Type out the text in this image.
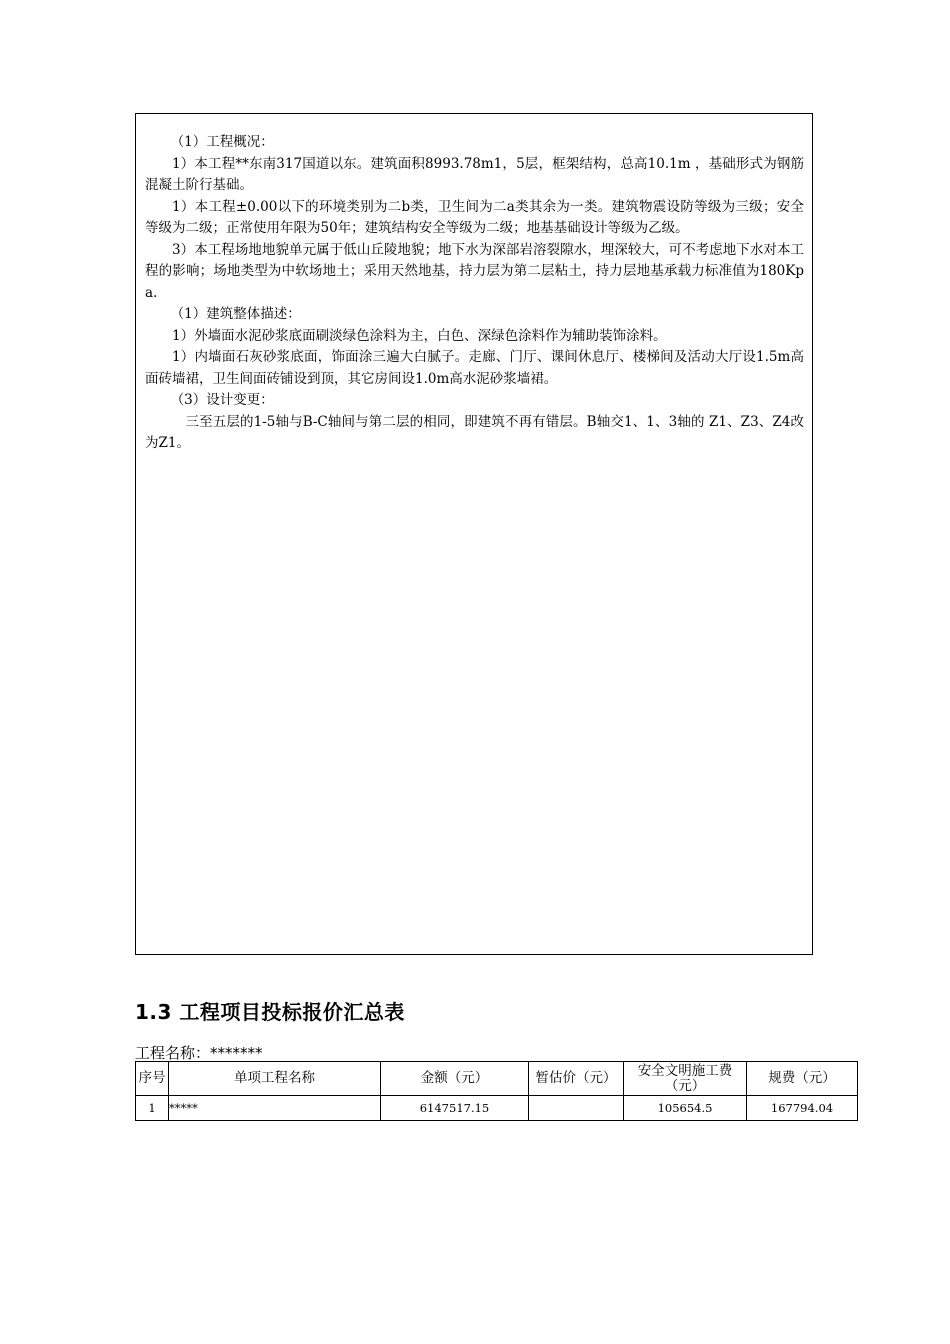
（1）工程概况：

1）本工程**东南317国道以东。建筑面积8993.78m1，5层，框架结构，总高10.1m ，基础形式为钢筋混凝土阶行基础。

1）本工程±0.00以下的环境类别为二b类，卫生间为二a类其余为一类。建筑物震设防等级为三级；安全等级为二级；正常使用年限为50年；建筑结构安全等级为二级；地基基础设计等级为乙级。

3）本工程场地地貌单元属于低山丘陵地貌；地下水为深部岩溶裂隙水，埋深较大，可不考虑地下水对本工程的影响；场地类型为中软场地土；采用天然地基，持力层为第二层粘土，持力层地基承载力标准值为180Kpa.

（1）建筑整体描述：

1）外墙面水泥砂浆底面刷淡绿色涂料为主，白色、深绿色涂料作为辅助装饰涂料。

1）内墙面石灰砂浆底面，饰面涂三遍大白腻子。走廊、门厅、课间休息厅、楼梯间及活动大厅设1.5m高面砖墙裙，卫生间面砖铺设到顶，其它房间设1.0m高水泥砂浆墙裙。

（3）设计变更：

三至五层的1-5轴与B-C轴间与第二层的相同，即建筑不再有错层。B轴交1、1、3轴的 Z1、Z3、Z4改为Z1。

1.3 工程项目投标报价汇总表
工程名称：*******
序号	单项工程名称	金额（元）	暂估价（元）	安全文明施工费（元）	规费（元）
1	*****	6147517.15		105654.5	167794.04
